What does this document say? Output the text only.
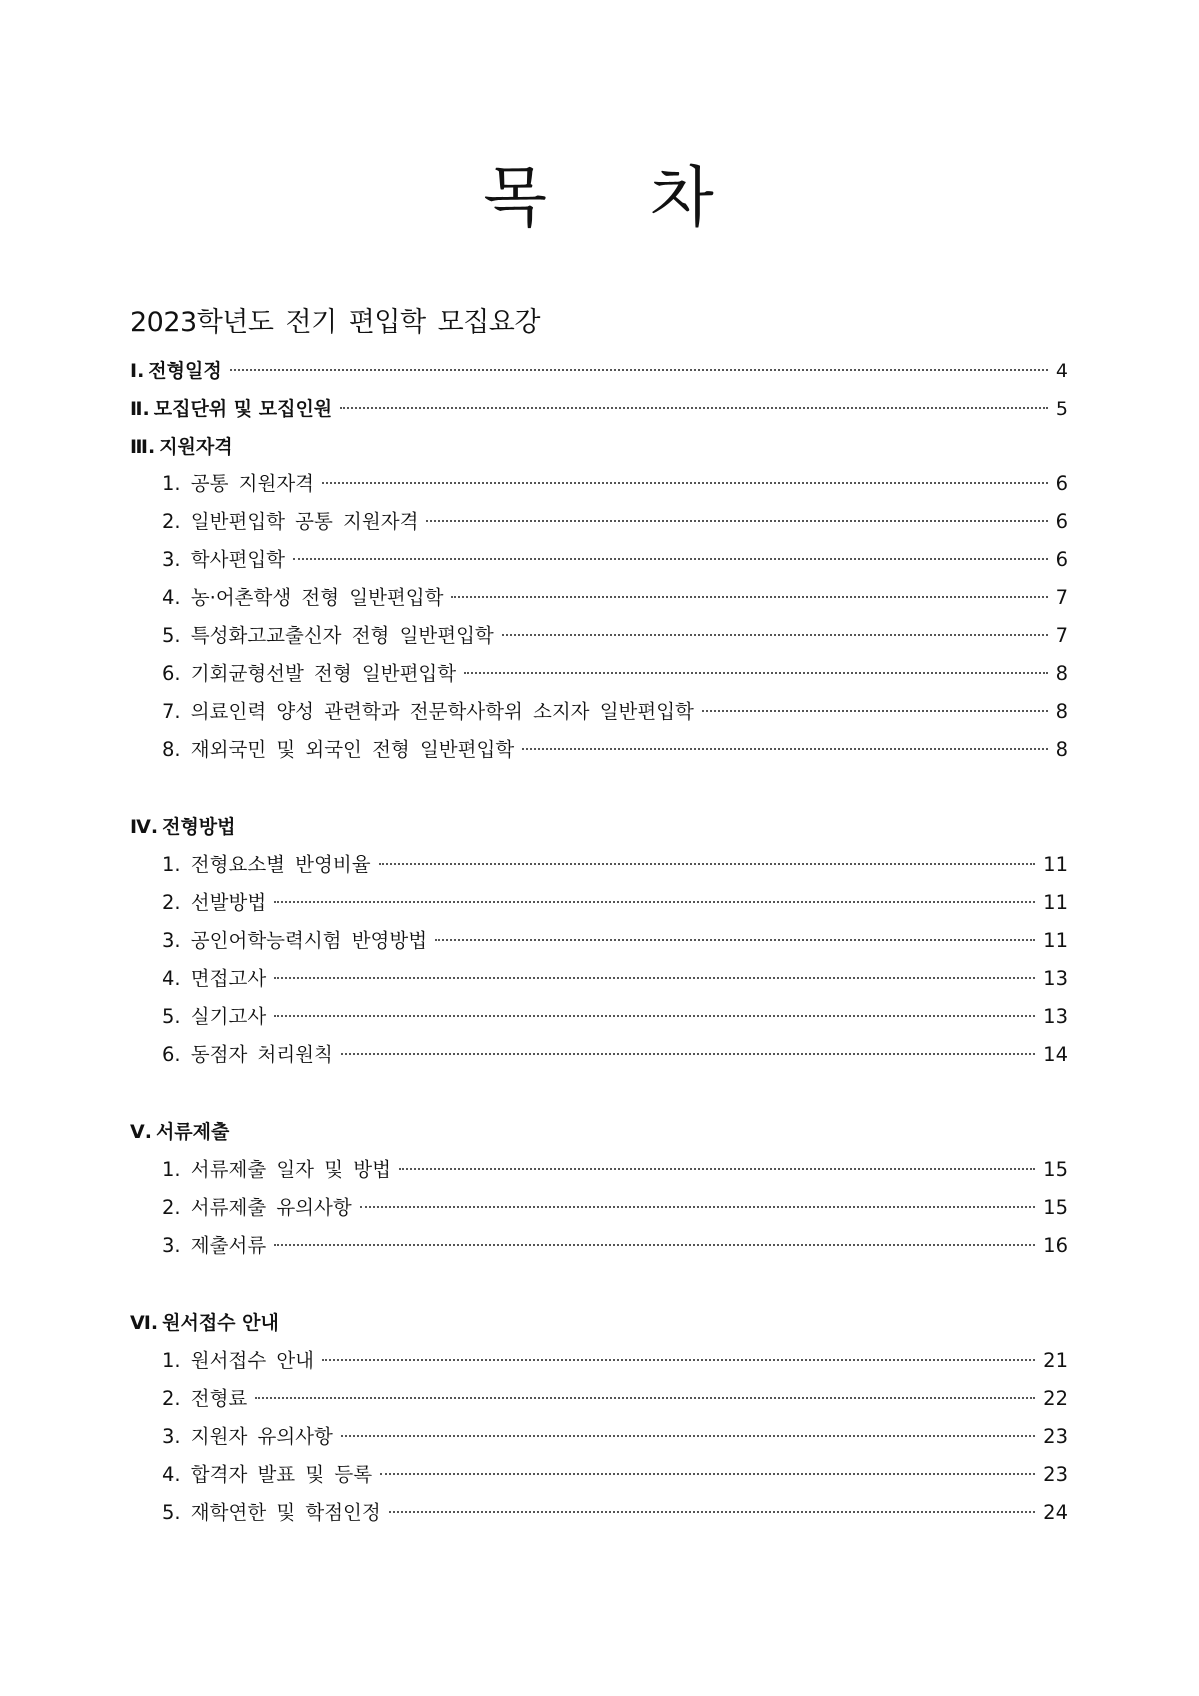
목 차
2023학년도 전기 편입학 모집요강
Ⅰ. 전형일정	4
Ⅱ. 모집단위 및 모집인원	5
Ⅲ. 지원자격
1. 공통 지원자격	6
2. 일반편입학 공통 지원자격	6
3. 학사편입학	6
4. 농·어촌학생 전형 일반편입학	7
5. 특성화고교출신자 전형 일반편입학	7
6. 기회균형선발 전형 일반편입학	8
7. 의료인력 양성 관련학과 전문학사학위 소지자 일반편입학	8
8. 재외국민 및 외국인 전형 일반편입학	8
Ⅳ. 전형방법
1. 전형요소별 반영비율	11
2. 선발방법	11
3. 공인어학능력시험 반영방법	11
4. 면접고사	13
5. 실기고사	13
6. 동점자 처리원칙	14
Ⅴ. 서류제출
1. 서류제출 일자 및 방법	15
2. 서류제출 유의사항	15
3. 제출서류	16
Ⅵ. 원서접수 안내
1. 원서접수 안내	21
2. 전형료	22
3. 지원자 유의사항	23
4. 합격자 발표 및 등록	23
5. 재학연한 및 학점인정	24
